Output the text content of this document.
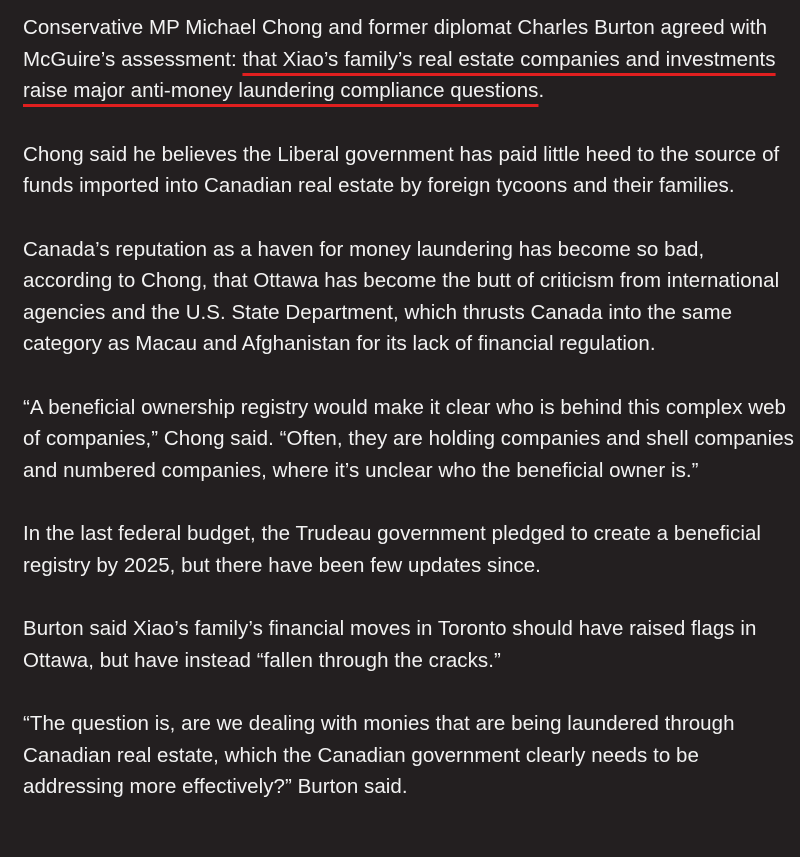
Conservative MP Michael Chong and former diplomat Charles Burton agreed with McGuire’s assessment: that Xiao’s family’s real estate companies and investments raise major anti-money laundering compliance questions.

Chong said he believes the Liberal government has paid little heed to the source of funds imported into Canadian real estate by foreign tycoons and their families.

Canada’s reputation as a haven for money laundering has become so bad, according to Chong, that Ottawa has become the butt of criticism from international agencies and the U.S. State Department, which thrusts Canada into the same category as Macau and Afghanistan for its lack of financial regulation.

“A beneficial ownership registry would make it clear who is behind this complex web of companies,” Chong said. “Often, they are holding companies and shell companies and numbered companies, where it’s unclear who the beneficial owner is.”

In the last federal budget, the Trudeau government pledged to create a beneficial registry by 2025, but there have been few updates since.

Burton said Xiao’s family’s financial moves in Toronto should have raised flags in Ottawa, but have instead “fallen through the cracks.”

“The question is, are we dealing with monies that are being laundered through Canadian real estate, which the Canadian government clearly needs to be addressing more effectively?” Burton said.
